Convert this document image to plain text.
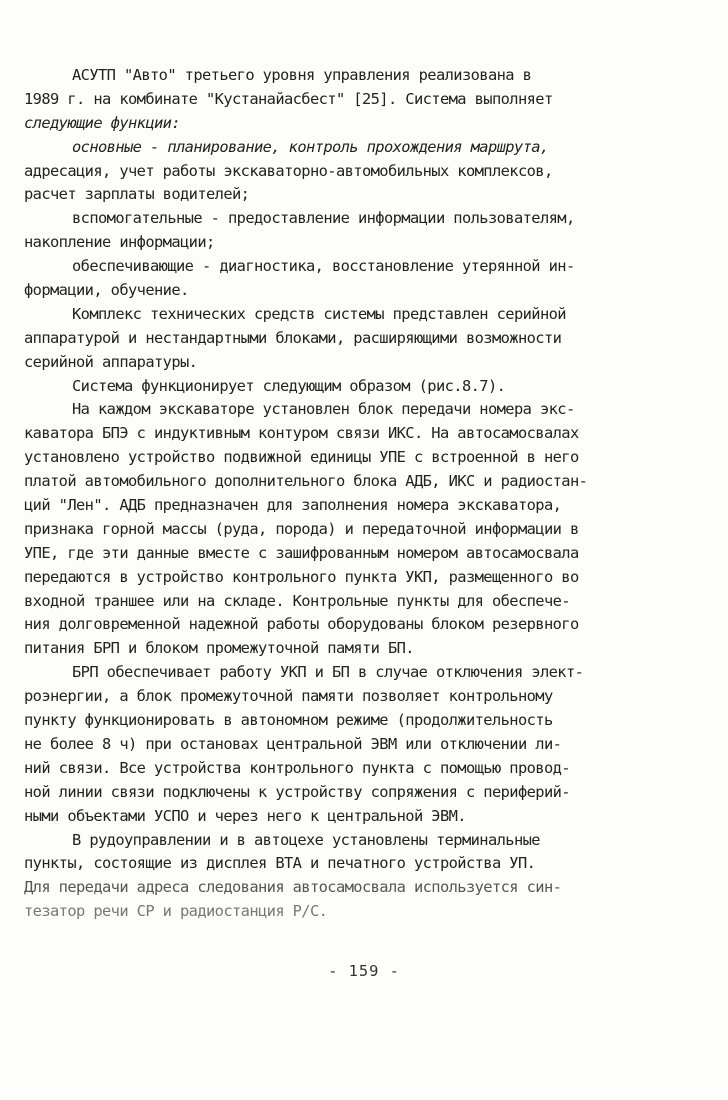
АСУТП "Авто" третьего уровня управления реализована в
1989 г. на комбинате "Кустанайасбест" [25]. Система выполняет
следующие функции:
основные - планирование, контроль прохождения маршрута,
адресация, учет работы экскаваторно-автомобильных комплексов,
расчет зарплаты водителей;
вспомогательные - предоставление информации пользователям,
накопление информации;
обеспечивающие - диагностика, восстановление утерянной ин-
формации, обучение.
Комплекс технических средств системы представлен серийной
аппаратурой и нестандартными блоками, расширяющими возможности
серийной аппаратуры.
Система функционирует следующим образом (рис.8.7).
На каждом экскаваторе установлен блок передачи номера экс-
каватора БПЭ с индуктивным контуром связи ИКС. На автосамосвалах
установлено устройство подвижной единицы УПЕ с встроенной в него
платой автомобильного дополнительного блока АДБ, ИКС и радиостан-
ций "Лен". АДБ предназначен для заполнения номера экскаватора,
признака горной массы (руда, порода) и передаточной информации в
УПЕ, где эти данные вместе с зашифрованным номером автосамосвала
передаются в устройство контрольного пункта УКП, размещенного во
входной траншее или на складе. Контрольные пункты для обеспече-
ния долговременной надежной работы оборудованы блоком резервного
питания БРП и блоком промежуточной памяти БП.
БРП обеспечивает работу УКП и БП в случае отключения элект-
роэнергии, а блок промежуточной памяти позволяет контрольному
пункту функционировать в автономном режиме (продолжительность
не более 8 ч) при остановах центральной ЭВМ или отключении ли-
ний связи. Все устройства контрольного пункта с помощью провод-
ной линии связи подключены к устройству сопряжения с периферий-
ными объектами УСПО и через него к центральной ЭВМ.
В рудоуправлении и в автоцехе установлены терминальные
пункты, состоящие из дисплея ВТА и печатного устройства УП.
Для передачи адреса следования автосамосвала используется син-
тезатор речи СР и радиостанция Р/С.
- 159 -
